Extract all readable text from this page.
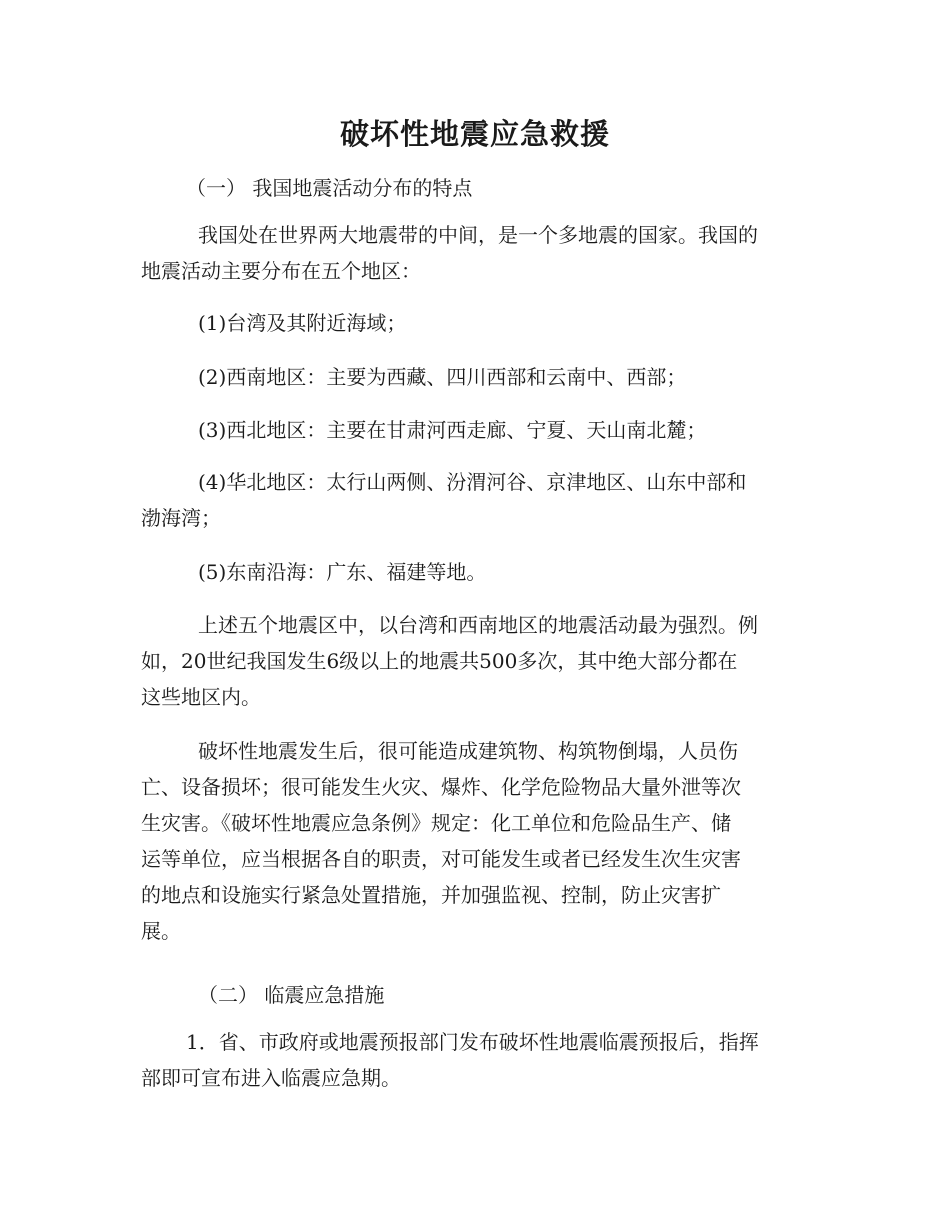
破坏性地震应急救援

（一） 我国地震活动分布的特点

我国处在世界两大地震带的中间，是一个多地震的国家。我国的
地震活动主要分布在五个地区：
(1)台湾及其附近海域；
(2)西南地区：主要为西藏、四川西部和云南中、西部；
(3)西北地区：主要在甘肃河西走廊、宁夏、天山南北麓；
(4)华北地区：太行山两侧、汾渭河谷、京津地区、山东中部和
渤海湾；
(5)东南沿海：广东、福建等地。
上述五个地震区中，以台湾和西南地区的地震活动最为强烈。例
如，20世纪我国发生6级以上的地震共500多次，其中绝大部分都在
这些地区内。
破坏性地震发生后，很可能造成建筑物、构筑物倒塌，人员伤
亡、设备损坏；很可能发生火灾、爆炸、化学危险物品大量外泄等次
生灾害。《破坏性地震应急条例》规定：化工单位和危险品生产、储
运等单位，应当根据各自的职责，对可能发生或者已经发生次生灾害
的地点和设施实行紧急处置措施，并加强监视、控制，防止灾害扩
展。

（二） 临震应急措施

1．省、市政府或地震预报部门发布破坏性地震临震预报后，指挥
部即可宣布进入临震应急期。
